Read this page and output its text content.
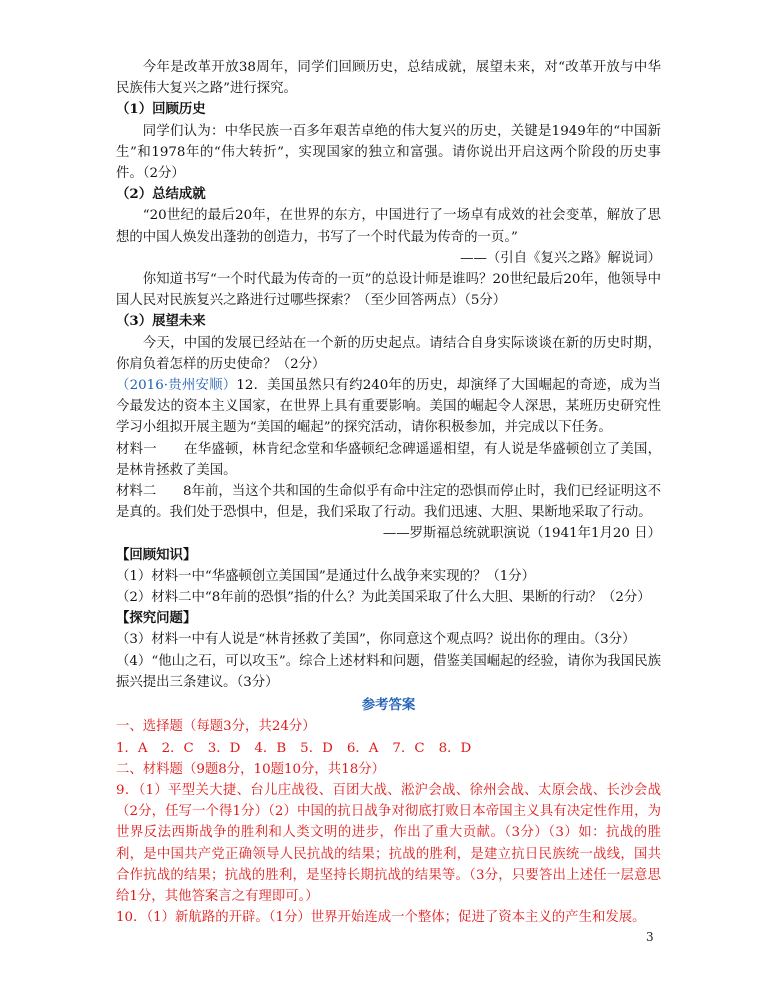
今年是改革开放38周年，同学们回顾历史，总结成就，展望未来，对“改革开放与中华民族伟大复兴之路”进行探究。

（1）回顾历史

同学们认为：中华民族一百多年艰苦卓绝的伟大复兴的历史，关键是1949年的“中国新生”和1978年的“伟大转折”，实现国家的独立和富强。请你说出开启这两个阶段的历史事件。（2分）

（2）总结成就

“20世纪的最后20年，在世界的东方，中国进行了一场卓有成效的社会变革，解放了思想的中国人焕发出蓬勃的创造力，书写了一个时代最为传奇的一页。”

——（引自《复兴之路》解说词）

你知道书写“一个时代最为传奇的一页”的总设计师是谁吗？20世纪最后20年，他领导中国人民对民族复兴之路进行过哪些探索？（至少回答两点）（5分）

（3）展望未来

今天，中国的发展已经站在一个新的历史起点。请结合自身实际谈谈在新的历史时期，你肩负着怎样的历史使命？（2分）

（2016·贵州安顺）12．美国虽然只有约240年的历史，却演绎了大国崛起的奇迹，成为当今最发达的资本主义国家，在世界上具有重要影响。美国的崛起令人深思，某班历史研究性学习小组拟开展主题为“美国的崛起”的探究活动，请你积极参加，并完成以下任务。

材料一　　在华盛顿，林肯纪念堂和华盛顿纪念碑遥遥相望，有人说是华盛顿创立了美国，是林肯拯救了美国。

材料二　　8年前，当这个共和国的生命似乎有命中注定的恐惧而停止时，我们已经证明这不是真的。我们处于恐惧中，但是，我们采取了行动。我们迅速、大胆、果断地采取了行动。

——罗斯福总统就职演说（1941年1月20 日）

【回顾知识】

（1）材料一中“华盛顿创立美国国”是通过什么战争来实现的？（1分）

（2）材料二中“8年前的恐惧”指的什么？为此美国采取了什么大胆、果断的行动？（2分）

【探究问题】

（3）材料一中有人说是“林肯拯救了美国”，你同意这个观点吗？说出你的理由。（3分）

（4）“他山之石，可以攻玉”。综合上述材料和问题，借鉴美国崛起的经验，请你为我国民族振兴提出三条建议。（3分）

参考答案

一、选择题（每题3分，共24分）

1．A 2．C 3．D 4．B 5．D 6．A 7．C 8．D

二、材料题（9题8分，10题10分，共18分）

9．（1）平型关大捷、台儿庄战役、百团大战、淞沪会战、徐州会战、太原会战、长沙会战（2分，任写一个得1分）（2）中国的抗日战争对彻底打败日本帝国主义具有决定性作用，为世界反法西斯战争的胜利和人类文明的进步，作出了重大贡献。（3分）（3）如：抗战的胜利，是中国共产党正确领导人民抗战的结果；抗战的胜利，是建立抗日民族统一战线，国共合作抗战的结果；抗战的胜利，是坚持长期抗战的结果等。（3分，只要答出上述任一层意思给1分，其他答案言之有理即可。）

10．（1）新航路的开辟。（1分）世界开始连成一个整体；促进了资本主义的产生和发展。

3
